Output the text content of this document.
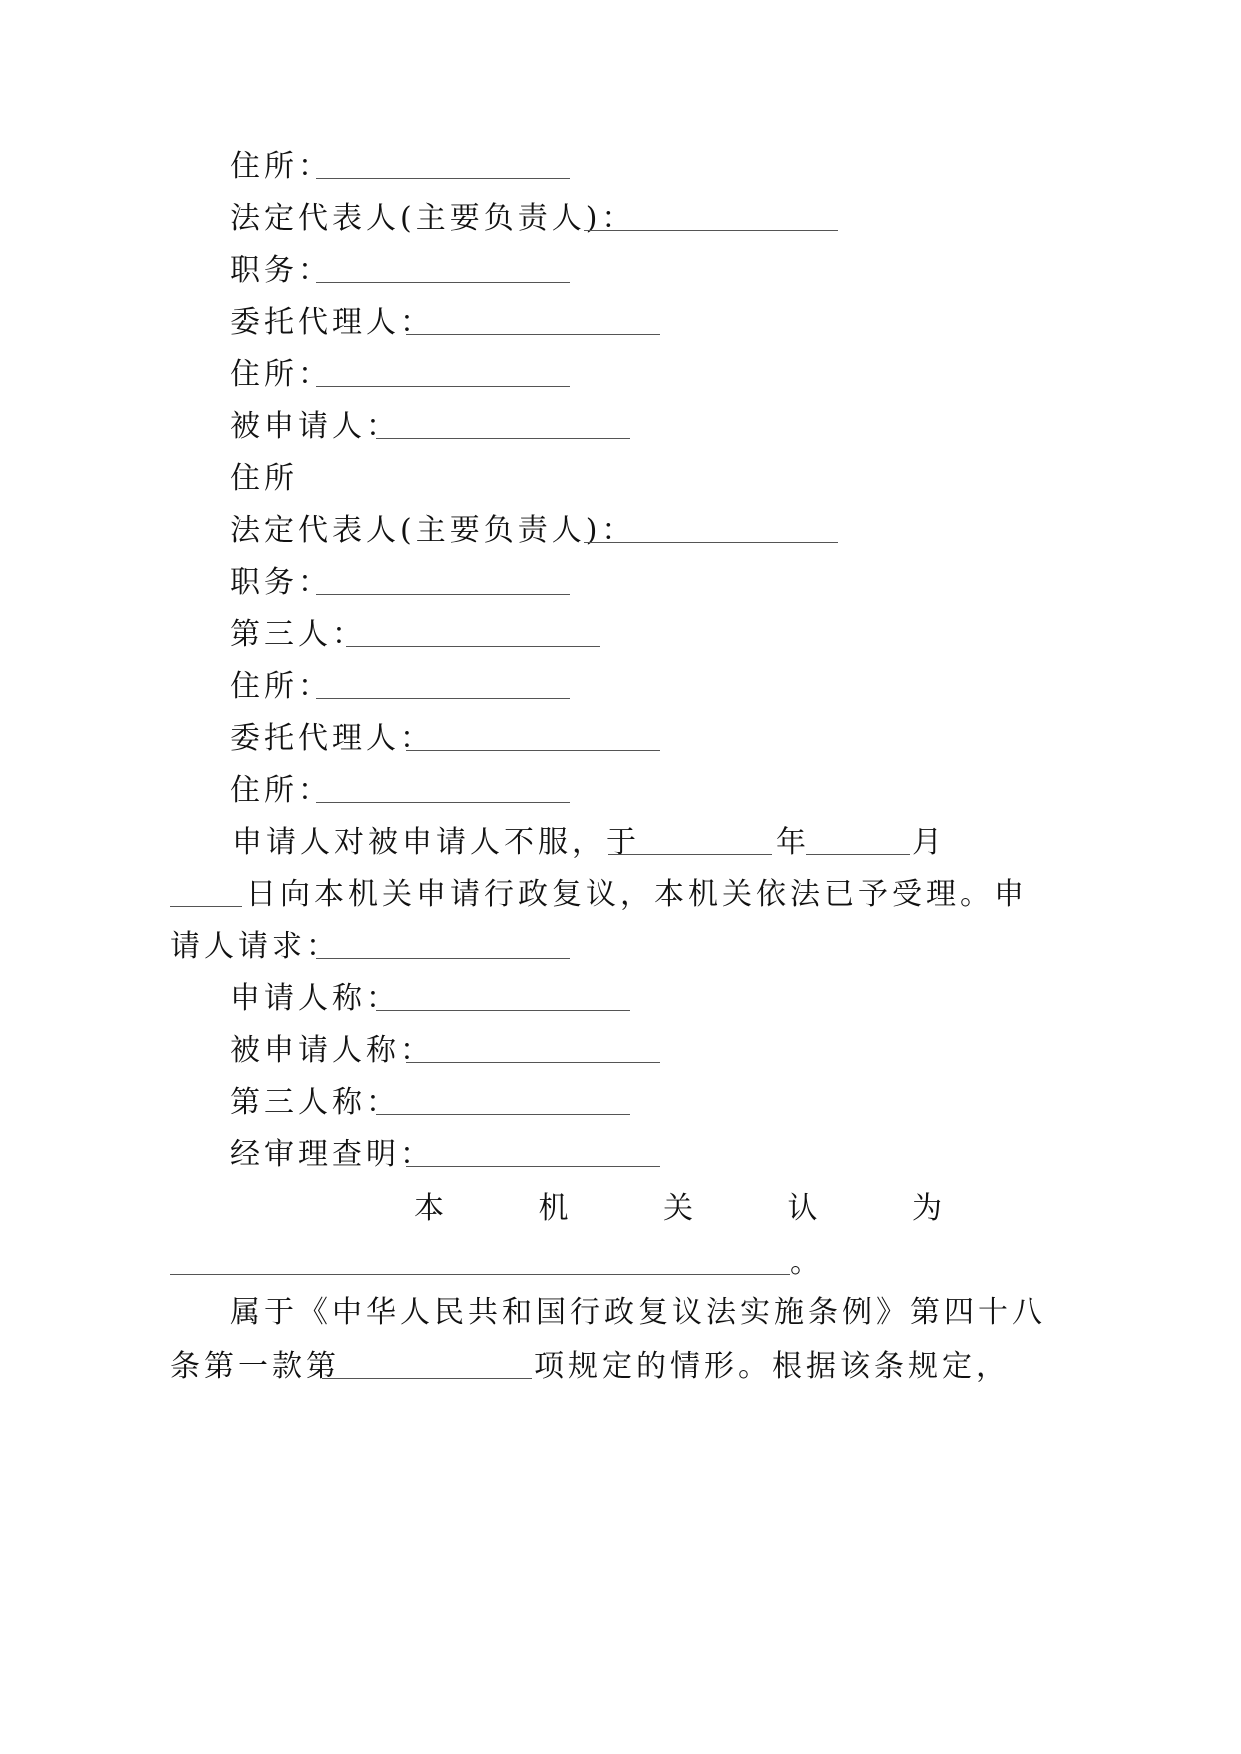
住所：
法定代表人(主要负责人)：
职务：
委托代理人：
住所：
被申请人：
住所
法定代表人(主要负责人)：
职务：
第三人：
住所：
委托代理人：
住所：
申请人对被申请人不服，于	年	月
日向本机关申请行政复议，本机关依法已予受理。申
请人请求：
申请人称：
被申请人称：
第三人称：
经审理查明：
本	机	关	认	为
。
属于《中华人民共和国行政复议法实施条例》第四十八
条第一款第	项规定的情形。根据该条规定，
